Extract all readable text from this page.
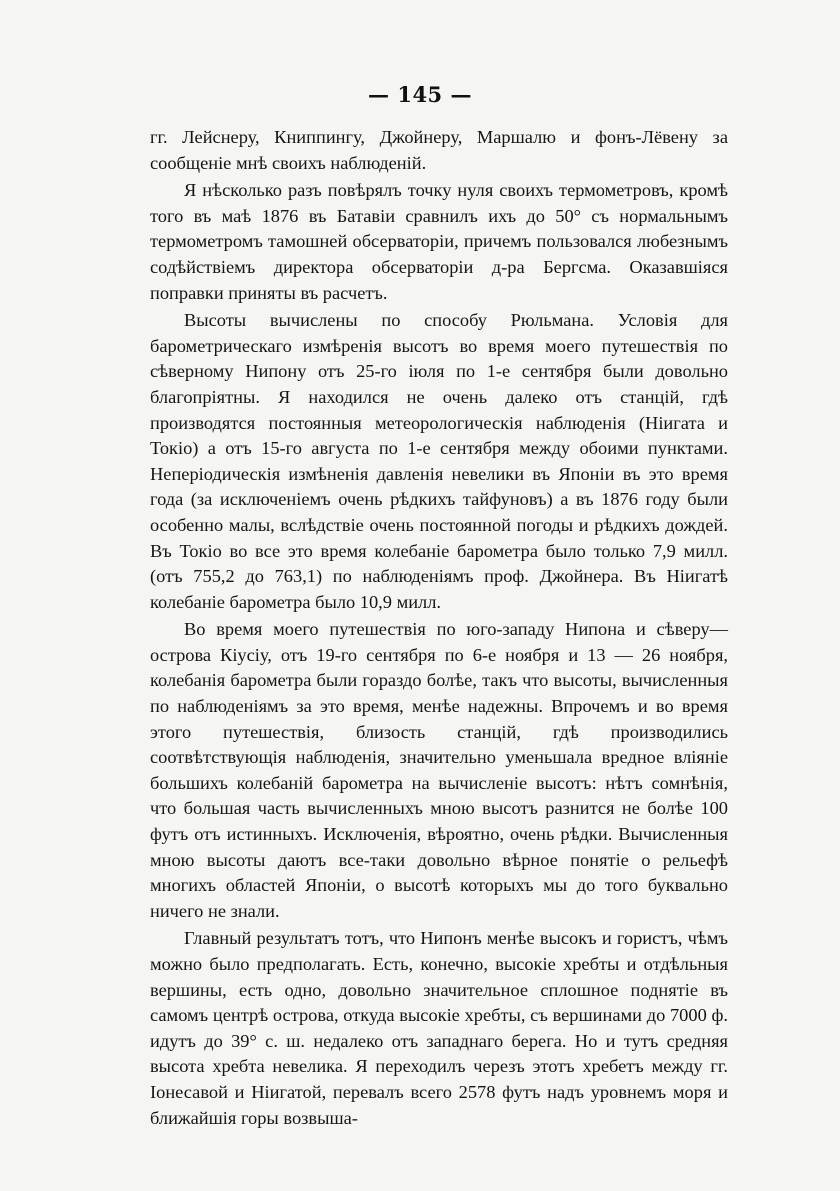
— 145 —

гг. Лейснеру, Книппингу, Джойнеру, Маршалю и фонъ-Лёвену за сообщеніе мнѣ своихъ наблюденій.

Я нѣсколько разъ повѣрялъ точку нуля своихъ термометровъ, кромѣ того въ маѣ 1876 въ Батавіи сравнилъ ихъ до 50° съ нормальнымъ термометромъ тамошней обсерваторіи, причемъ пользовался любезнымъ содѣйствіемъ директора обсерваторіи д-ра Бергсма. Оказавшіяся поправки приняты въ расчетъ.

Высоты вычислены по способу Рюльмана. Условія для барометрическаго измѣренія высотъ во время моего путешествія по сѣверному Нипону отъ 25-го іюля по 1-е сентября были довольно благопріятны. Я находился не очень далеко отъ станцій, гдѣ производятся постоянныя метеорологическія наблюденія (Ніигата и Токіо) а отъ 15-го августа по 1-е сентября между обоими пунктами. Непеpіодическія измѣненія давленія невелики въ Японіи въ это время года (за исключеніемъ очень рѣдкихъ тайфуновъ) а въ 1876 году были особенно малы, вслѣдствіе очень постоянной погоды и рѣдкихъ дождей. Въ Токіо во все это время колебаніе барометра было только 7,9 милл. (отъ 755,2 до 763,1) по наблюденіямъ проф. Джойнера. Въ Ніигатѣ колебаніе барометра было 10,9 милл.

Во время моего путешествія по юго-западу Нипона и сѣверу— острова Кіусіу, отъ 19-го сентября по 6-е ноября и 13 — 26 ноября, колебанія барометра были гораздо болѣе, такъ что высоты, вычисленныя по наблюденіямъ за это время, менѣе надежны. Впрочемъ и во время этого путешествія, близость станцій, гдѣ производились соотвѣтствующія наблюденія, значительно уменьшала вредное вліяніе большихъ колебаній барометра на вычисленіе высотъ: нѣтъ сомнѣнія, что большая часть вычисленныхъ мною высотъ разнится не болѣе 100 футъ отъ истинныхъ. Исключенія, вѣроятно, очень рѣдки. Вычисленныя мною высоты даютъ все-таки довольно вѣрное понятіе о рельефѣ многихъ областей Японіи, о высотѣ которыхъ мы до того буквально ничего не знали.

Главный результатъ тотъ, что Нипонъ менѣе высокъ и гористъ, чѣмъ можно было предполагать. Есть, конечно, высокіе хребты и отдѣльныя вершины, есть одно, довольно значительное сплошное поднятіе въ самомъ центрѣ острова, откуда высокіе хребты, съ вершинами до 7000 ф. идутъ до 39° с. ш. недалеко отъ западнаго берега. Но и тутъ средняя высота хребта невелика. Я переходилъ черезъ этотъ хребетъ между гг. Іонесавой и Ніигатой, перевалъ всего 2578 футъ надъ уровнемъ моря и ближайшія горы возвыша-
